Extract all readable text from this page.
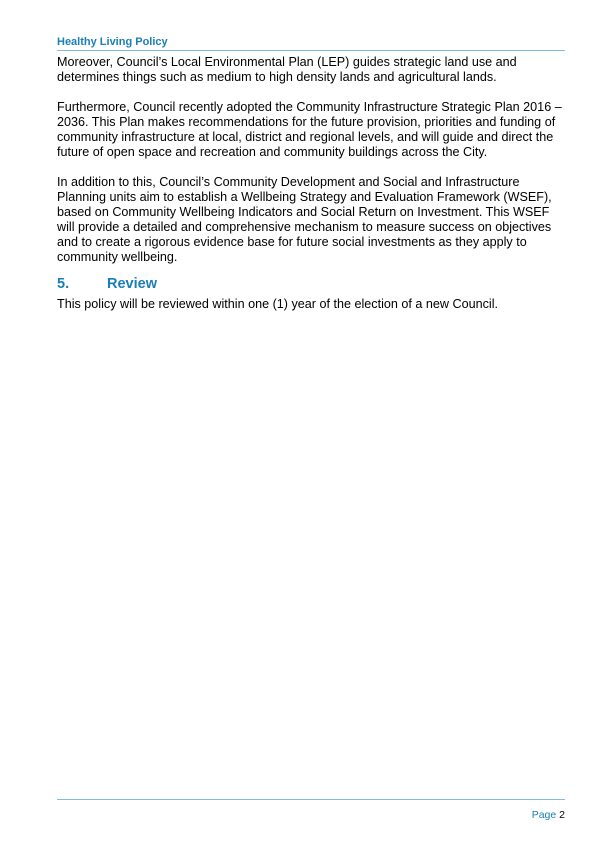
Healthy Living Policy

Moreover, Council’s Local Environmental Plan (LEP) guides strategic land use and determines things such as medium to high density lands and agricultural lands.

Furthermore, Council recently adopted the Community Infrastructure Strategic Plan 2016 – 2036. This Plan makes recommendations for the future provision, priorities and funding of community infrastructure at local, district and regional levels, and will guide and direct the future of open space and recreation and community buildings across the City.

In addition to this, Council’s Community Development and Social and Infrastructure Planning units aim to establish a Wellbeing Strategy and Evaluation Framework (WSEF), based on Community Wellbeing Indicators and Social Return on Investment. This WSEF will provide a detailed and comprehensive mechanism to measure success on objectives and to create a rigorous evidence base for future social investments as they apply to community wellbeing.

5.	Review

This policy will be reviewed within one (1) year of the election of a new Council.

Page 2
